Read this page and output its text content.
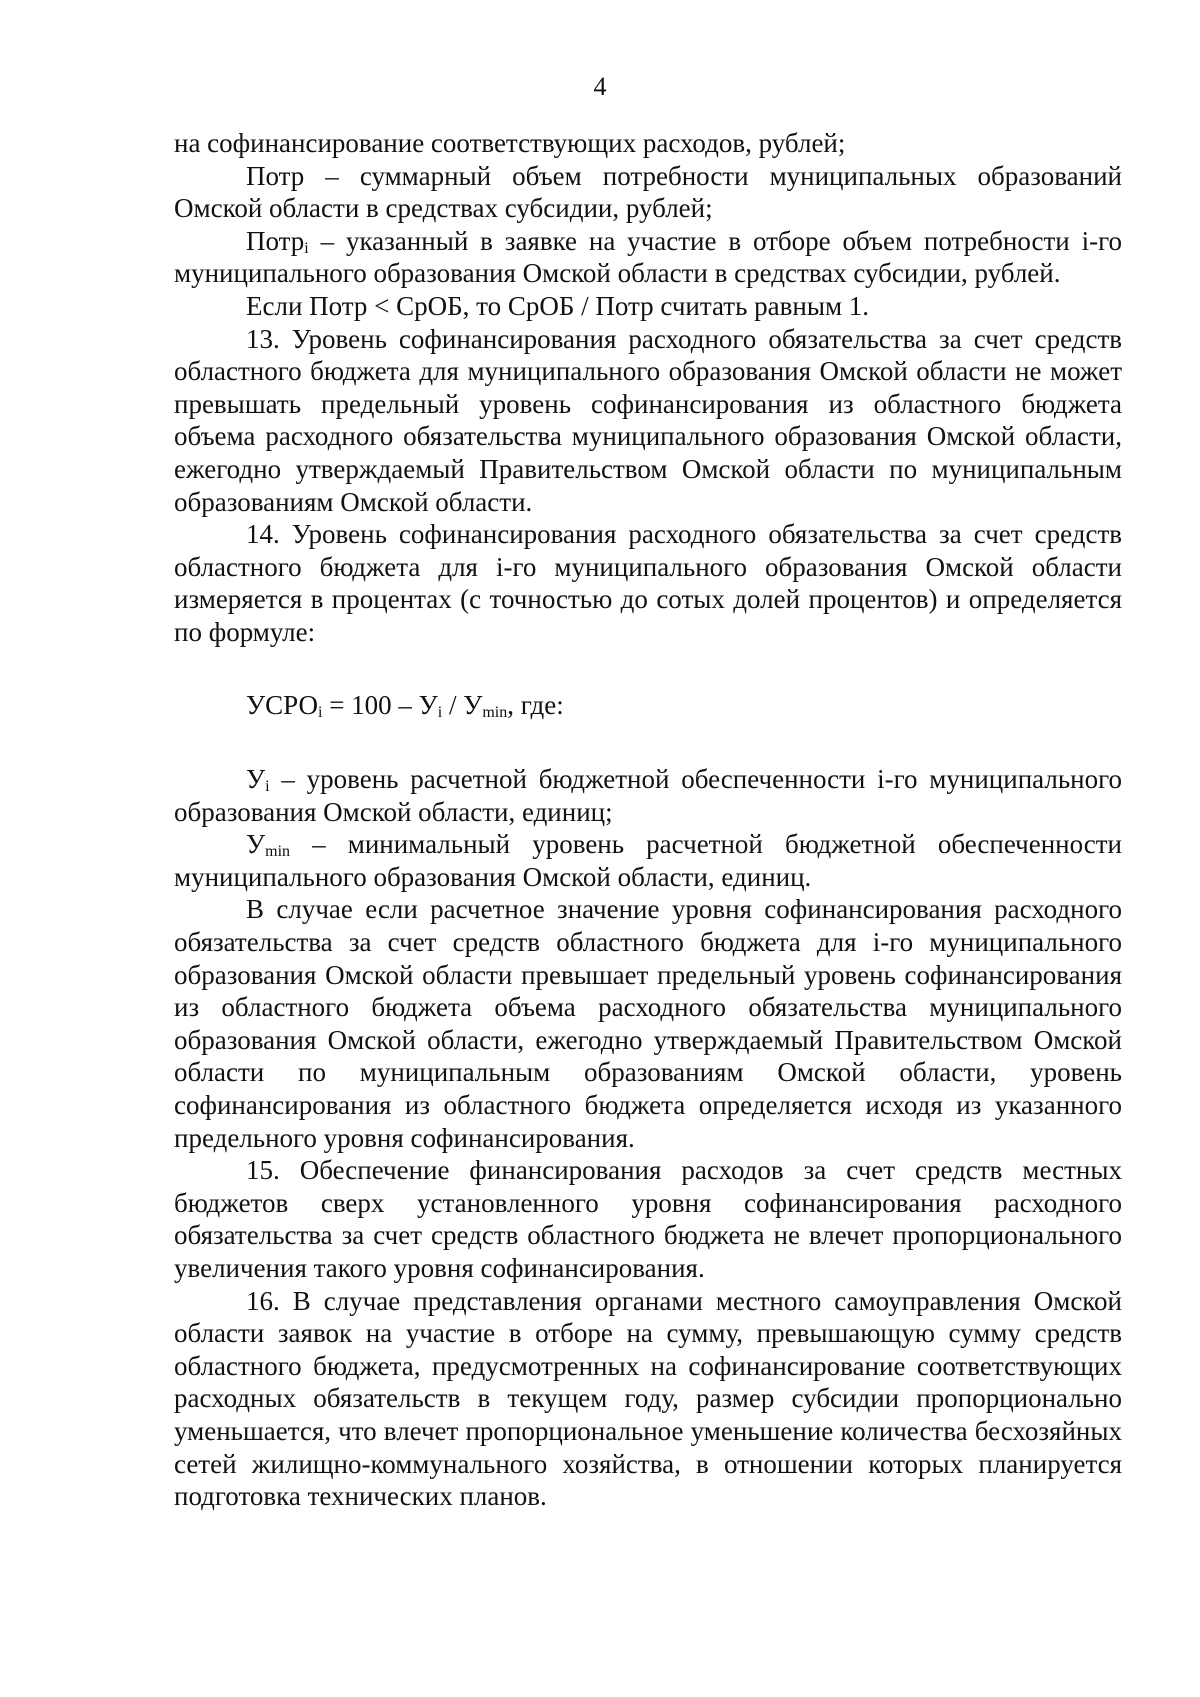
4

на софинансирование соответствующих расходов, рублей;

Потр – суммарный объем потребности муниципальных образований Омской области в средствах субсидии, рублей;

Потр$_i$ – указанный в заявке на участие в отборе объем потребности i-го муниципального образования Омской области в средствах субсидии, рублей.

Если Потр < СрОБ, то СрОБ / Потр считать равным 1.

13. Уровень софинансирования расходного обязательства за счет средств областного бюджета для муниципального образования Омской области не может превышать предельный уровень софинансирования из областного бюджета объема расходного обязательства муниципального образования Омской области, ежегодно утверждаемый Правительством Омской области по муниципальным образованиям Омской области.

14. Уровень софинансирования расходного обязательства за счет средств областного бюджета для i-го муниципального образования Омской области измеряется в процентах (с точностью до сотых долей процентов) и определяется по формуле:

$УСРО_i = 100 - У_i / У_{min}$, где:

$У_i$ – уровень расчетной бюджетной обеспеченности i-го муниципального образования Омской области, единиц;

$У_{min}$ – минимальный уровень расчетной бюджетной обеспеченности муниципального образования Омской области, единиц.

В случае если расчетное значение уровня софинансирования расходного обязательства за счет средств областного бюджета для i-го муниципального образования Омской области превышает предельный уровень софинансирования из областного бюджета объема расходного обязательства муниципального образования Омской области, ежегодно утверждаемый Правительством Омской области по муниципальным образованиям Омской области, уровень софинансирования из областного бюджета определяется исходя из указанного предельного уровня софинансирования.

15. Обеспечение финансирования расходов за счет средств местных бюджетов сверх установленного уровня софинансирования расходного обязательства за счет средств областного бюджета не влечет пропорционального увеличения такого уровня софинансирования.

16. В случае представления органами местного самоуправления Омской области заявок на участие в отборе на сумму, превышающую сумму средств областного бюджета, предусмотренных на софинансирование соответствующих расходных обязательств в текущем году, размер субсидии пропорционально уменьшается, что влечет пропорциональное уменьшение количества бесхозяйных сетей жилищно-коммунального хозяйства, в отношении которых планируется подготовка технических планов.
